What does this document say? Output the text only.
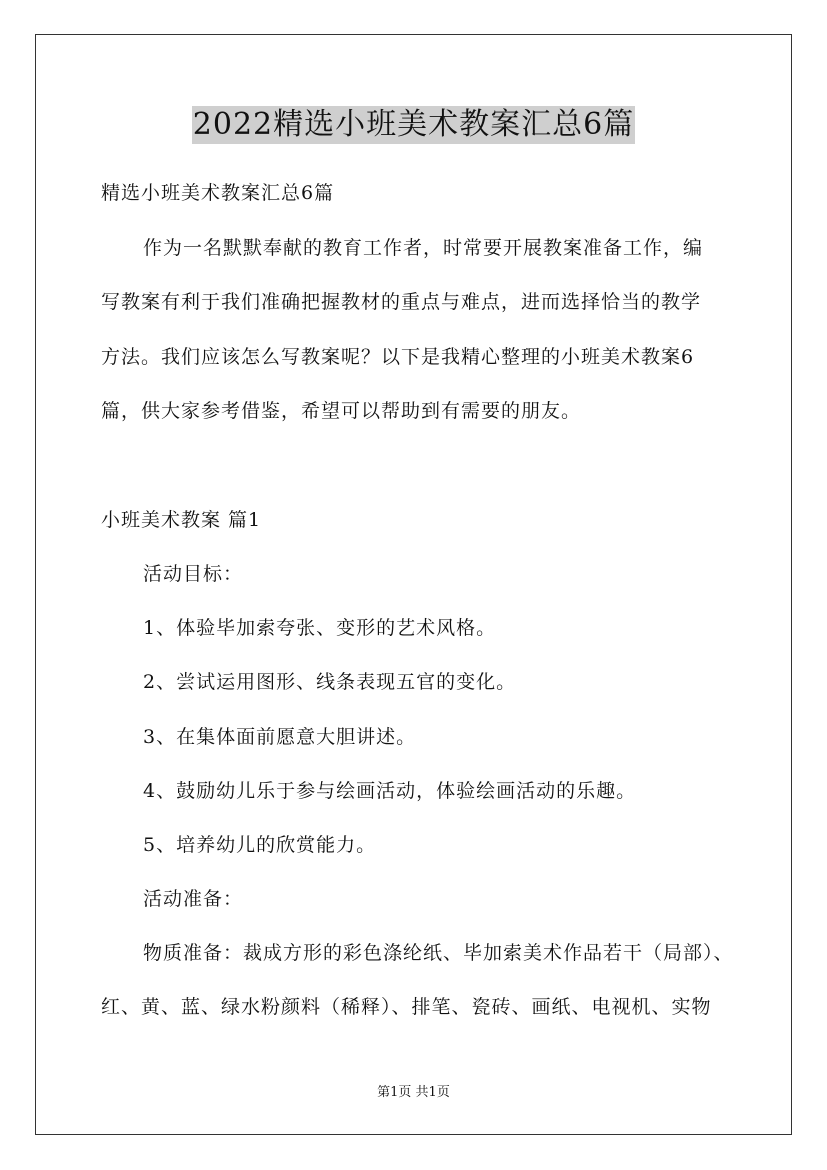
2022精选小班美术教案汇总6篇

精选小班美术教案汇总6篇

作为一名默默奉献的教育工作者，时常要开展教案准备工作，编

写教案有利于我们准确把握教材的重点与难点，进而选择恰当的教学

方法。我们应该怎么写教案呢？以下是我精心整理的小班美术教案6

篇，供大家参考借鉴，希望可以帮助到有需要的朋友。

小班美术教案 篇1

活动目标：

1、体验毕加索夸张、变形的艺术风格。

2、尝试运用图形、线条表现五官的变化。

3、在集体面前愿意大胆讲述。

4、鼓励幼儿乐于参与绘画活动，体验绘画活动的乐趣。

5、培养幼儿的欣赏能力。

活动准备：

物质准备：裁成方形的彩色涤纶纸、毕加索美术作品若干（局部）、

红、黄、蓝、绿水粉颜料（稀释）、排笔、瓷砖、画纸、电视机、实物

第1页 共1页
